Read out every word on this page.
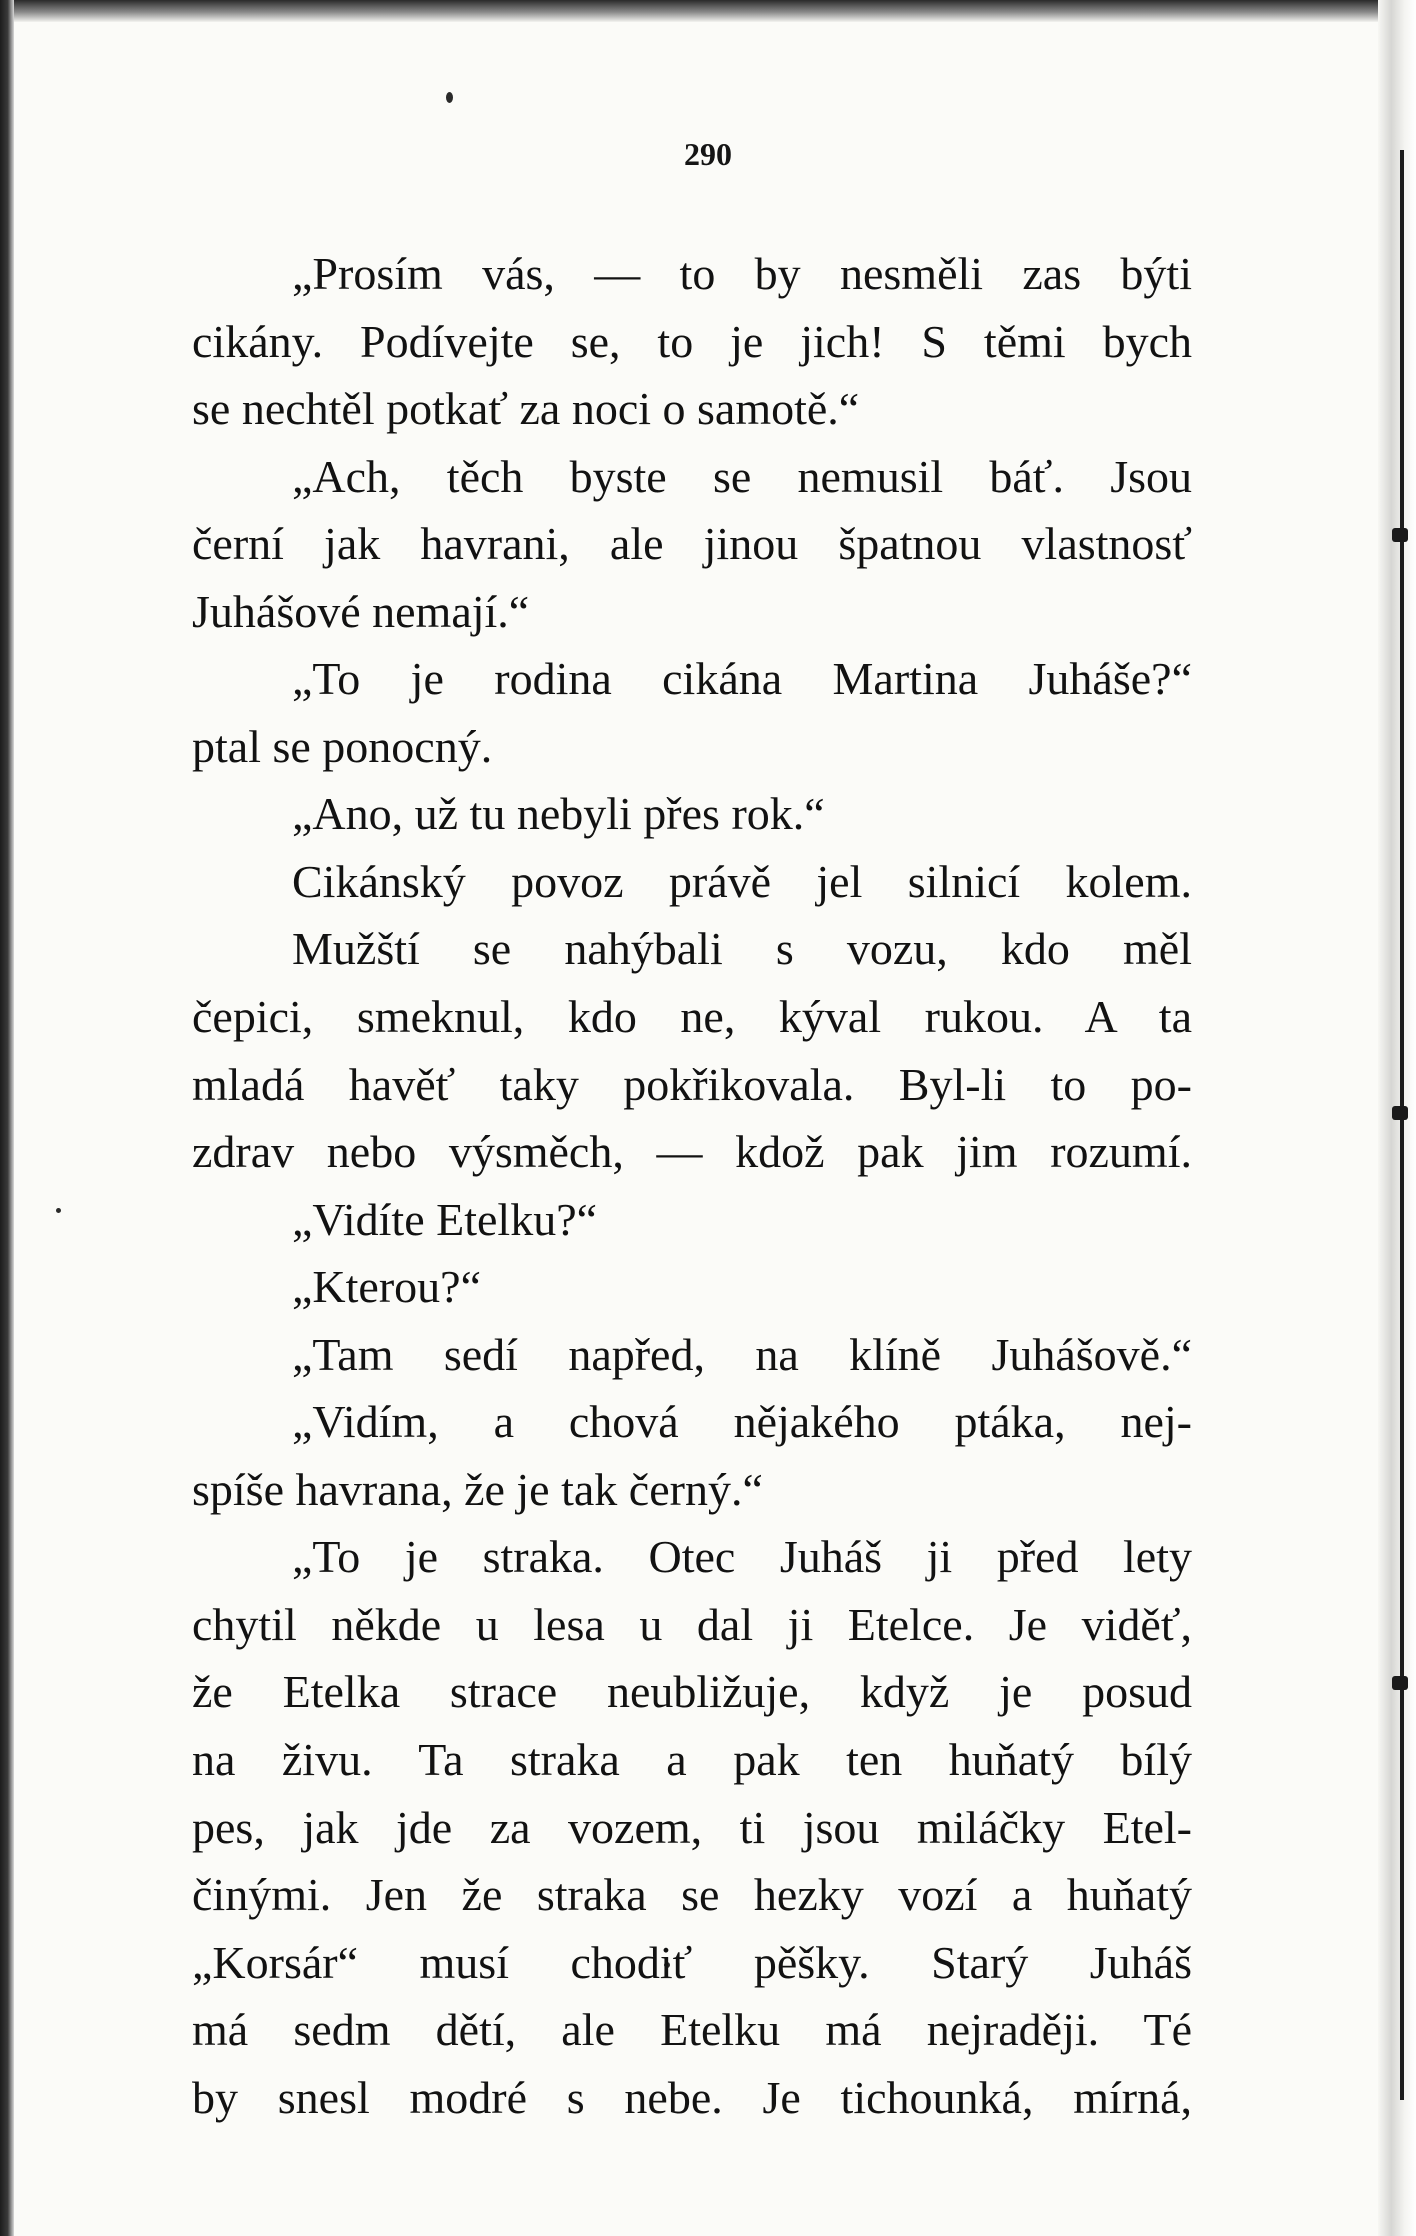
290
„Prosím vás, — to by nesměli zas býti
cikány. Podívejte se, to je jich! S těmi bych
se nechtěl potkať za noci o samotě.“
„Ach, těch byste se nemusil báť. Jsou
černí jak havrani, ale jinou špatnou vlastnosť
Juhášové nemají.“
„To je rodina cikána Martina Juháše?“
ptal se ponocný.
„Ano, už tu nebyli přes rok.“
Cikánský povoz právě jel silnicí kolem.
Mužští se nahýbali s vozu, kdo měl
čepici, smeknul, kdo ne, kýval rukou. A ta
mladá havěť taky pokřikovala. Byl-li to po-
zdrav nebo výsměch, — kdož pak jim rozumí.
„Vidíte Etelku?“
„Kterou?“
„Tam sedí napřed, na klíně Juhášově.“
„Vidím, a chová nějakého ptáka, nej-
spíše havrana, že je tak černý.“
„To je straka. Otec Juháš ji před lety
chytil někde u lesa u dal ji Etelce. Je viděť,
že Etelka strace neubližuje, když je posud
na živu. Ta straka a pak ten huňatý bílý
pes, jak jde za vozem, ti jsou miláčky Etel-
činými. Jen že straka se hezky vozí a huňatý
„Korsár“ musí chodiť pěšky. Starý Juháš
má sedm dětí, ale Etelku má nejraději. Té
by snesl modré s nebe. Je tichounká, mírná,
